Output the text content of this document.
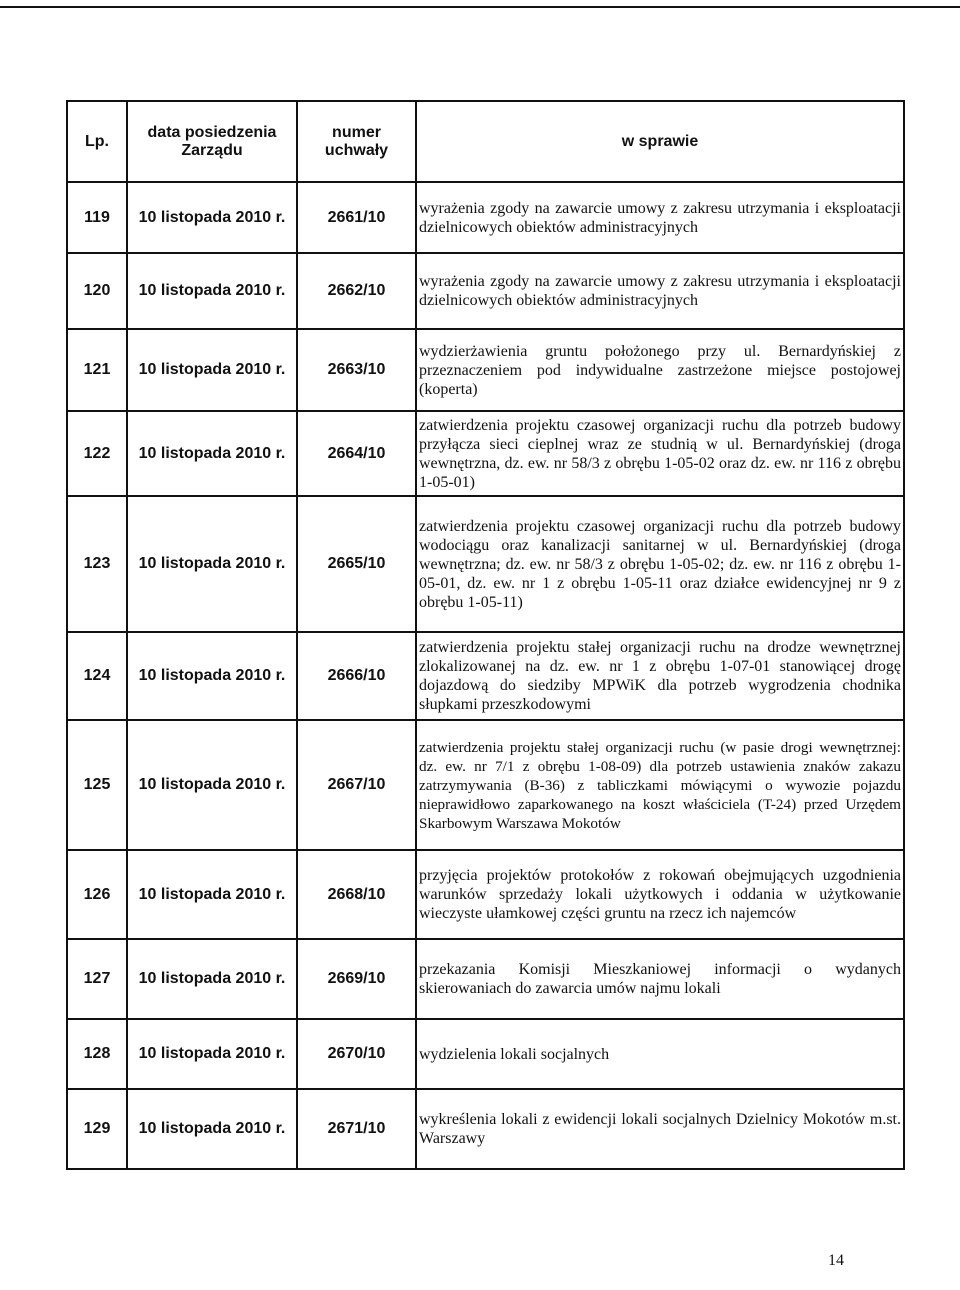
Lp.	data posiedzenia Zarządu	numer uchwały	w sprawie
119	10 listopada 2010 r.	2661/10	wyrażenia zgody na zawarcie umowy z zakresu utrzymania i eksploatacji dzielnicowych obiektów administracyjnych

120	10 listopada 2010 r.	2662/10	wyrażenia zgody na zawarcie umowy z zakresu utrzymania i eksploatacji dzielnicowych obiektów administracyjnych

121	10 listopada 2010 r.	2663/10	wydzierżawienia gruntu położonego przy ul. Bernardyńskiej z przeznaczeniem pod indywidualne zastrzeżone miejsce postojowej (koperta)

122	10 listopada 2010 r.	2664/10	zatwierdzenia projektu czasowej organizacji ruchu dla potrzeb budowy przyłącza sieci cieplnej wraz ze studnią w ul. Bernardyńskiej (droga wewnętrzna, dz. ew. nr 58/3 z obrębu 1-05-02 oraz dz. ew. nr 116 z obrębu 1-05-01)

123	10 listopada 2010 r.	2665/10	zatwierdzenia projektu czasowej organizacji ruchu dla potrzeb budowy wodociągu oraz kanalizacji sanitarnej w ul. Bernardyńskiej (droga wewnętrzna; dz. ew. nr 58/3 z obrębu 1-05-02; dz. ew. nr 116 z obrębu 1-05-01, dz. ew. nr 1 z obrębu 1-05-11 oraz działce ewidencyjnej nr 9 z obrębu 1-05-11)

124	10 listopada 2010 r.	2666/10	zatwierdzenia projektu stałej organizacji ruchu na drodze wewnętrznej zlokalizowanej na dz. ew. nr 1 z obrębu 1-07-01 stanowiącej drogę dojazdową do siedziby MPWiK dla potrzeb wygrodzenia chodnika słupkami przeszkodowymi

125	10 listopada 2010 r.	2667/10	zatwierdzenia projektu stałej organizacji ruchu (w pasie drogi wewnętrznej: dz. ew. nr 7/1 z obrębu 1-08-09) dla potrzeb ustawienia znaków zakazu zatrzymywania (B-36) z tabliczkami mówiącymi o wywozie pojazdu nieprawidłowo zaparkowanego na koszt właściciela (T-24) przed Urzędem Skarbowym Warszawa Mokotów

126	10 listopada 2010 r.	2668/10	przyjęcia projektów protokołów z rokowań obejmujących uzgodnienia warunków sprzedaży lokali użytkowych i oddania w użytkowanie wieczyste ułamkowej części gruntu na rzecz ich najemców

127	10 listopada 2010 r.	2669/10	przekazania Komisji Mieszkaniowej informacji o wydanych skierowaniach do zawarcia umów najmu lokali

128	10 listopada 2010 r.	2670/10	wydzielenia lokali socjalnych

129	10 listopada 2010 r.	2671/10	wykreślenia lokali z ewidencji lokali socjalnych Dzielnicy Mokotów m.st. Warszawy
14
